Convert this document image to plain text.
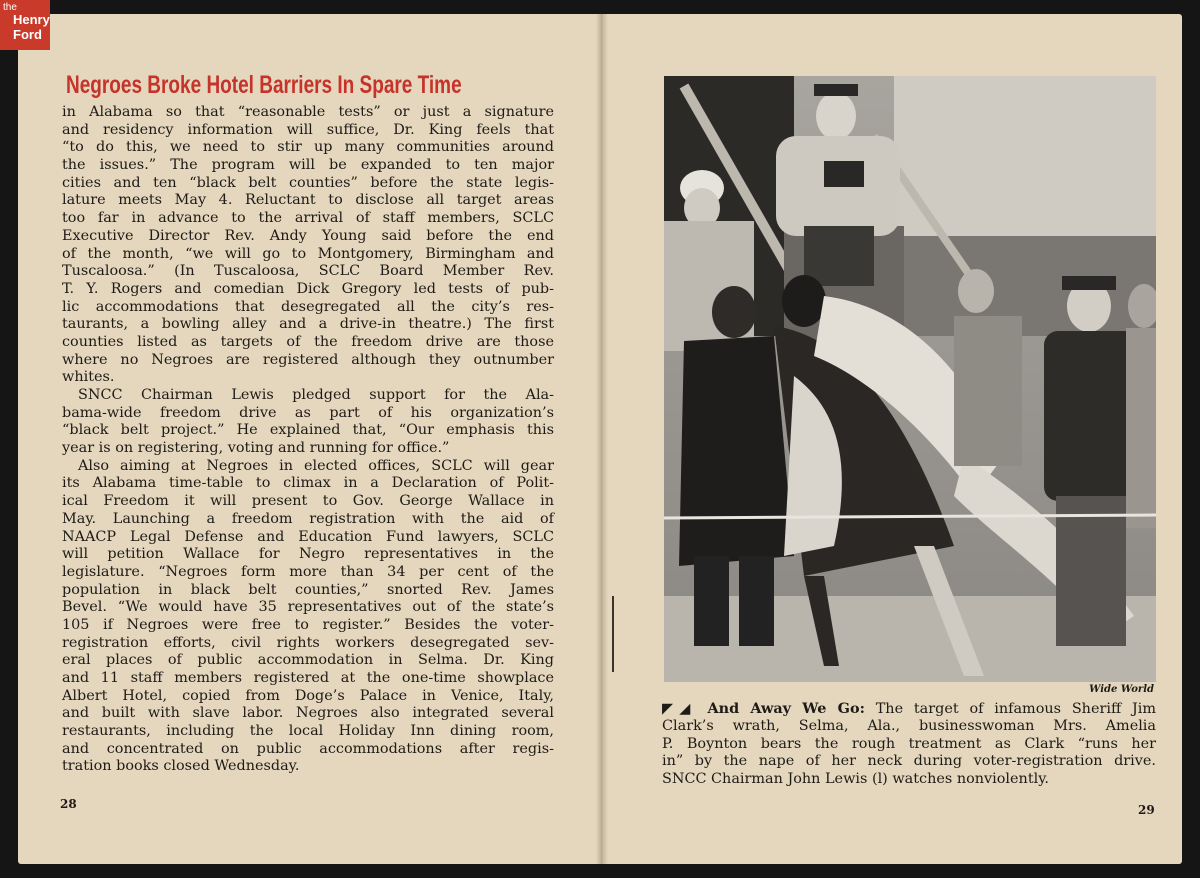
the
Henry
Ford
Negroes Broke Hotel Barriers In Spare Time
in Alabama so that “reasonable tests” or just a signature
and residency information will suffice, Dr. King feels that
“to do this, we need to stir up many communities around
the issues.” The program will be expanded to ten major
cities and ten “black belt counties” before the state legis-
lature meets May 4. Reluctant to disclose all target areas
too far in advance to the arrival of staff members, SCLC
Executive Director Rev. Andy Young said before the end
of the month, “we will go to Montgomery, Birmingham and
Tuscaloosa.” (In Tuscaloosa, SCLC Board Member Rev.
T. Y. Rogers and comedian Dick Gregory led tests of pub-
lic accommodations that desegregated all the city’s res-
taurants, a bowling alley and a drive-in theatre.) The first
counties listed as targets of the freedom drive are those
where no Negroes are registered although they outnumber
whites.
SNCC Chairman Lewis pledged support for the Ala-
bama-wide freedom drive as part of his organization’s
“black belt project.” He explained that, “Our emphasis this
year is on registering, voting and running for office.”
Also aiming at Negroes in elected offices, SCLC will gear
its Alabama time-table to climax in a Declaration of Polit-
ical Freedom it will present to Gov. George Wallace in
May. Launching a freedom registration with the aid of
NAACP Legal Defense and Education Fund lawyers, SCLC
will petition Wallace for Negro representatives in the
legislature. “Negroes form more than 34 per cent of the
population in black belt counties,” snorted Rev. James
Bevel. “We would have 35 representatives out of the state’s
105 if Negroes were free to register.” Besides the voter-
registration efforts, civil rights workers desegregated sev-
eral places of public accommodation in Selma. Dr. King
and 11 staff members registered at the one-time showplace
Albert Hotel, copied from Doge’s Palace in Venice, Italy,
and built with slave labor. Negroes also integrated several
restaurants, including the local Holiday Inn dining room,
and concentrated on public accommodations after regis-
tration books closed Wednesday.
28	29
Wide World
◤◢ And Away We Go: The target of infamous Sheriff Jim
Clark’s wrath, Selma, Ala., businesswoman Mrs. Amelia
P. Boynton bears the rough treatment as Clark “runs her
in” by the nape of her neck during voter-registration drive.
SNCC Chairman John Lewis (l) watches nonviolently.
